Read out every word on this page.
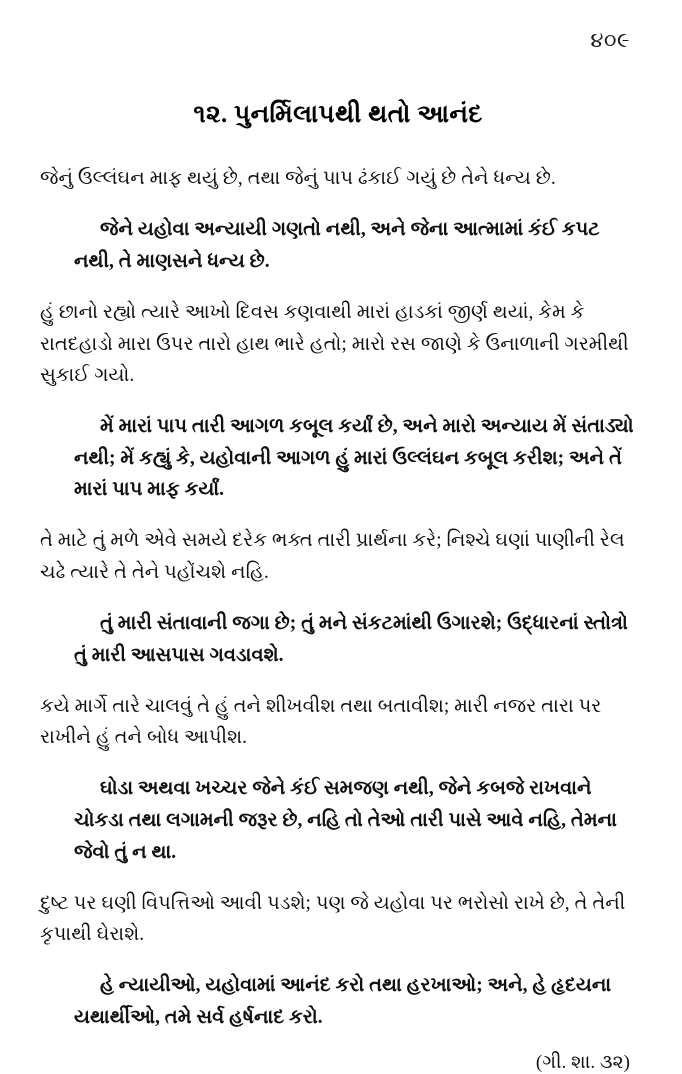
૪૦૯
૧૨. પુનર્મિલાપથી થતો આનંદ

જેનું ઉલ્લંઘન માફ થયું છે, તથા જેનું પાપ ઢંકાઈ ગયું છે તેને ધન્ય છે.

જેને યહોવા અન્યાયી ગણતો નથી, અને જેના આત્મામાં કંઈ કપટ નથી, તે માણસને ધન્ય છે.

હું છાનો રહ્યો ત્યારે આખો દિવસ કણવાથી મારાં હાડકાં જીર્ણ થયાં, કેમ કે રાતદહાડો મારા ઉપર તારો હાથ ભારે હતો; મારો રસ જાણે કે ઉનાળાની ગરમીથી સુકાઈ ગયો.

મેં મારાં પાપ તારી આગળ કબૂલ કર્યાં છે, અને મારો અન્યાય મેં સંતાડ્યો નથી; મેં કહ્યું કે, યહોવાની આગળ હું મારાં ઉલ્લંઘન કબૂલ કરીશ; અને તેં મારાં પાપ માફ કર્યાં.

તે માટે તું મળે એવે સમયે દરેક ભક્ત તારી પ્રાર્થના કરે; નિશ્ચે ઘણાં પાણીની રેલ ચઢે ત્યારે તે તેને પહોંચશે નહિ.

તું મારી સંતાવાની જગા છે; તું મને સંકટમાંથી ઉગારશે; ઉદ્ધારનાં સ્તોત્રો તું મારી આસપાસ ગવડાવશે.

કયે માર્ગે તારે ચાલવું તે હું તને શીખવીશ તથા બતાવીશ; મારી નજર તારા પર રાખીને હું તને બોધ આપીશ.

ઘોડા અથવા ખચ્ચર જેને કંઈ સમજણ નથી, જેને કબજે રાખવાને ચોકડા તથા લગામની જરૂર છે, નહિ તો તેઓ તારી પાસે આવે નહિ, તેમના જેવો તું ન થા.

દુષ્ટ પર ઘણી વિપત્તિઓ આવી પડશે; પણ જે યહોવા પર ભરોસો રાખે છે, તે તેની કૃપાથી ઘેરાશે.

હે ન્યાયીઓ, યહોવામાં આનંદ કરો તથા હરખાઓ; અને, હે હૃદયના યથાર્થીઓ, તમે સર્વ હર્ષનાદ કરો.

(ગી. શા. ૩૨)
